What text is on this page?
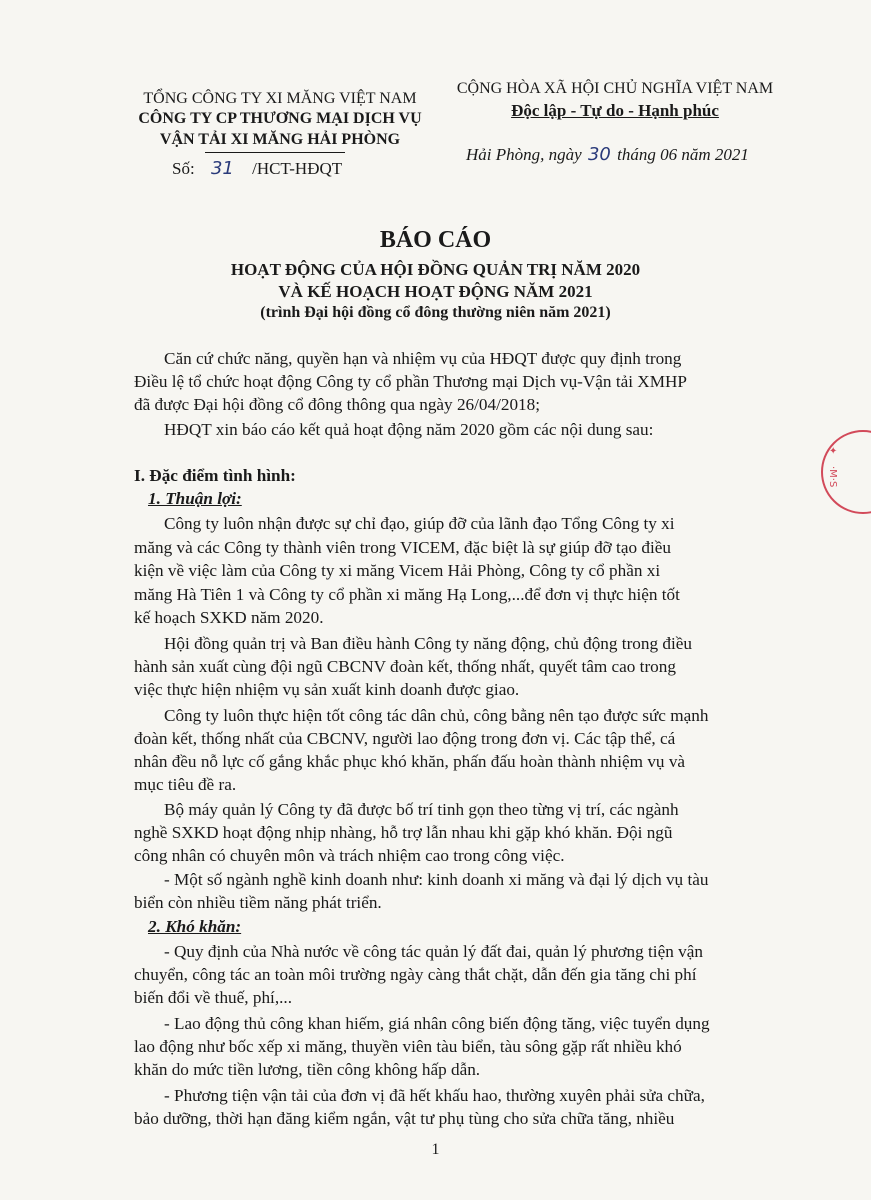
TỔNG CÔNG TY XI MĂNG VIỆT NAM
CÔNG TY CP THƯƠNG MẠI DỊCH VỤ
VẬN TẢI XI MĂNG HẢI PHÒNG
Số: 31 /HCT-HĐQT
CỘNG HÒA XÃ HỘI CHỦ NGHĨA VIỆT NAM
Độc lập - Tự do - Hạnh phúc
Hải Phòng, ngày 30 tháng 06 năm 2021
BÁO CÁO
HOẠT ĐỘNG CỦA HỘI ĐỒNG QUẢN TRỊ NĂM 2020
VÀ KẾ HOẠCH HOẠT ĐỘNG NĂM 2021
(trình Đại hội đồng cổ đông thường niên năm 2021)
Căn cứ chức năng, quyền hạn và nhiệm vụ của HĐQT được quy định trong
Điều lệ tổ chức hoạt động Công ty cổ phần Thương mại Dịch vụ-Vận tải XMHP
đã được Đại hội đồng cổ đông thông qua ngày 26/04/2018;
HĐQT xin báo cáo kết quả hoạt động năm 2020 gồm các nội dung sau:
I. Đặc điểm tình hình:
1. Thuận lợi:
Công ty luôn nhận được sự chỉ đạo, giúp đỡ của lãnh đạo Tổng Công ty xi
măng và các Công ty thành viên trong VICEM, đặc biệt là sự giúp đỡ tạo điều
kiện về việc làm của Công ty xi măng Vicem Hải Phòng, Công ty cổ phần xi
măng Hà Tiên 1 và Công ty cổ phần xi măng Hạ Long,...để đơn vị thực hiện tốt
kế hoạch SXKD năm 2020.
Hội đồng quản trị và Ban điều hành Công ty năng động, chủ động trong điều
hành sản xuất cùng đội ngũ CBCNV đoàn kết, thống nhất, quyết tâm cao trong
việc thực hiện nhiệm vụ sản xuất kinh doanh được giao.
Công ty luôn thực hiện tốt công tác dân chủ, công bằng nên tạo được sức mạnh
đoàn kết, thống nhất của CBCNV, người lao động trong đơn vị. Các tập thể, cá
nhân đều nỗ lực cố gắng khắc phục khó khăn, phấn đấu hoàn thành nhiệm vụ và
mục tiêu đề ra.
Bộ máy quản lý Công ty đã được bố trí tinh gọn theo từng vị trí, các ngành
nghề SXKD hoạt động nhịp nhàng, hỗ trợ lẫn nhau khi gặp khó khăn. Đội ngũ
công nhân có chuyên môn và trách nhiệm cao trong công việc.
- Một số ngành nghề kinh doanh như: kinh doanh xi măng và đại lý dịch vụ tàu
biển còn nhiều tiềm năng phát triển.
2. Khó khăn:
- Quy định của Nhà nước về công tác quản lý đất đai, quản lý phương tiện vận
chuyển, công tác an toàn môi trường ngày càng thắt chặt, dẫn đến gia tăng chi phí
biến đổi về thuế, phí,...
- Lao động thủ công khan hiếm, giá nhân công biến động tăng, việc tuyển dụng
lao động như bốc xếp xi măng, thuyền viên tàu biển, tàu sông gặp rất nhiều khó
khăn do mức tiền lương, tiền công không hấp dẫn.
- Phương tiện vận tải của đơn vị đã hết khấu hao, thường xuyên phải sửa chữa,
bảo dưỡng, thời hạn đăng kiểm ngắn, vật tư phụ tùng cho sửa chữa tăng, nhiều
1
✦
·M·S
